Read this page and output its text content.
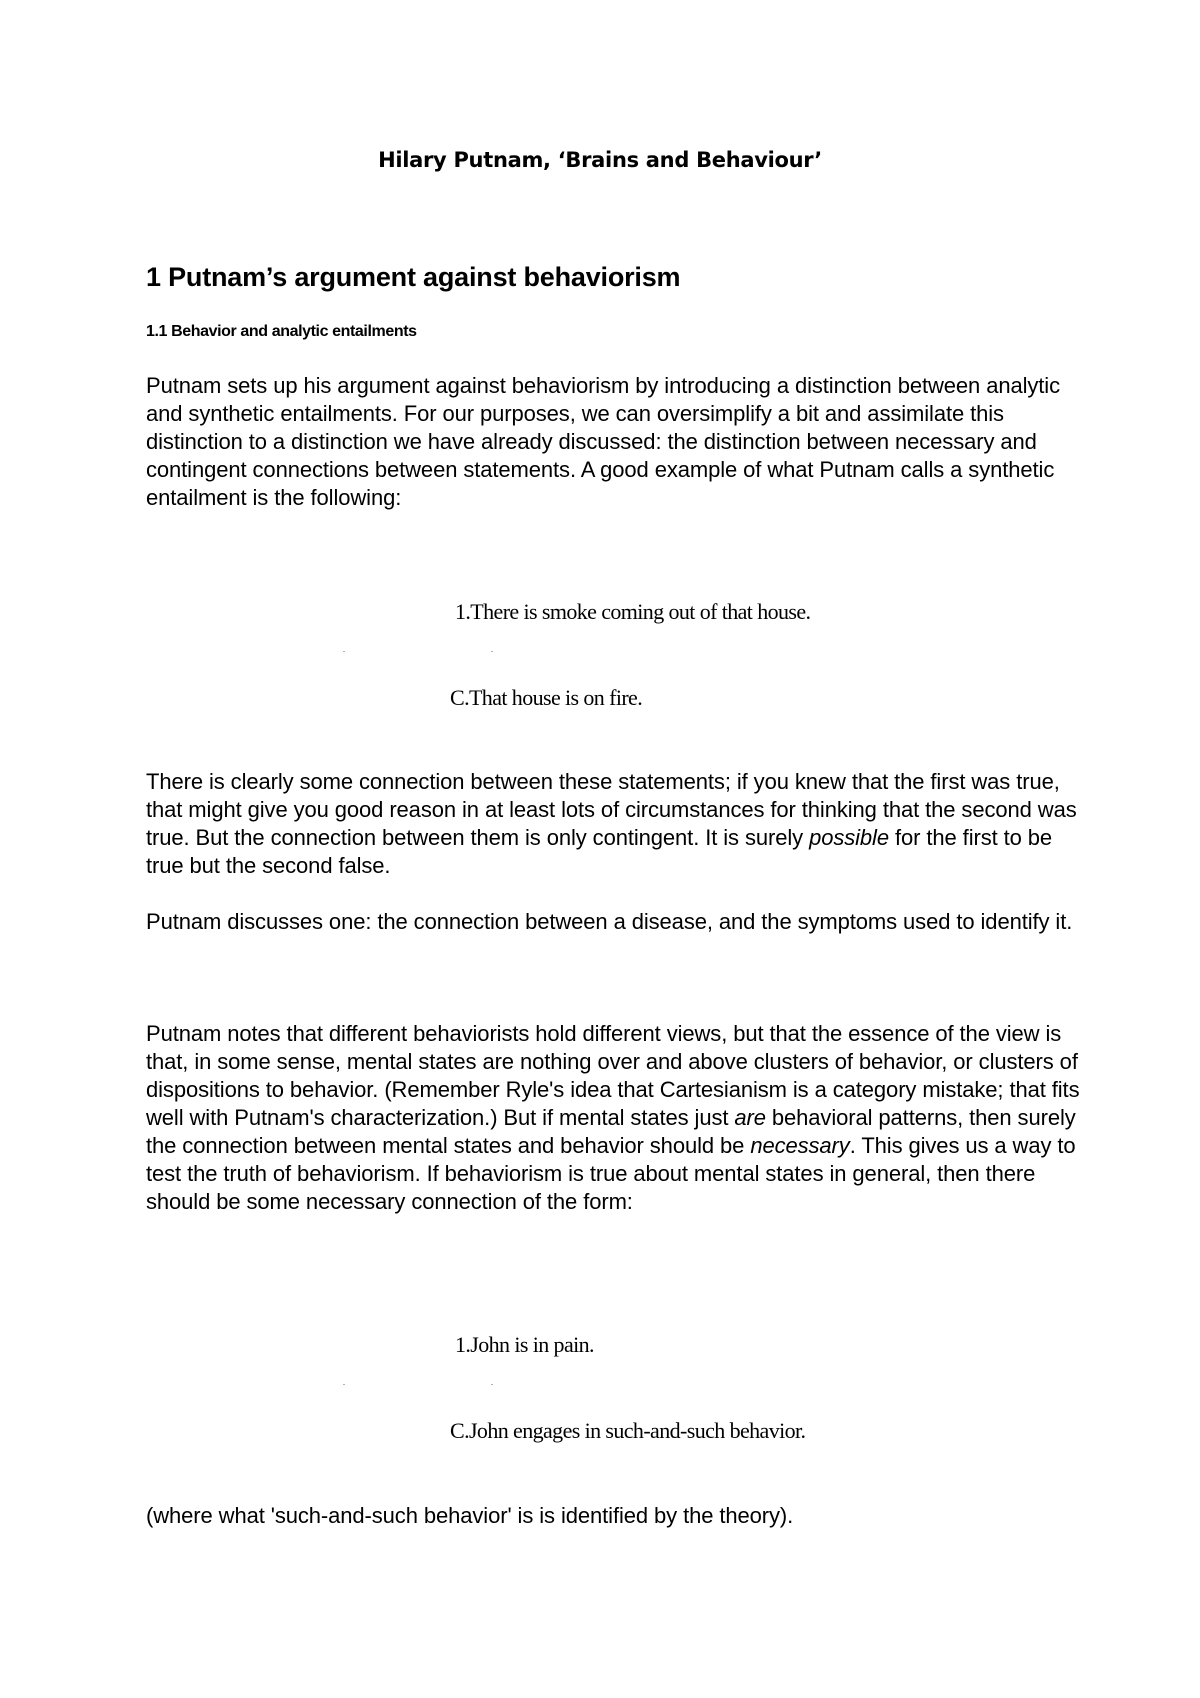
Hilary Putnam, ‘Brains and Behaviour’
1 Putnam’s argument against behaviorism
1.1 Behavior and analytic entailments

Putnam sets up his argument against behaviorism by introducing a distinction between analytic and synthetic entailments. For our purposes, we can oversimplify a bit and assimilate this distinction to a distinction we have already discussed: the distinction between necessary and contingent connections between statements. A good example of what Putnam calls a synthetic entailment is the following:

1.There is smoke coming out of that house.
C.That house is on fire.

There is clearly some connection between these statements; if you knew that the first was true, that might give you good reason in at least lots of circumstances for thinking that the second was true. But the connection between them is only contingent. It is surely possible for the first to be true but the second false.

Putnam discusses one: the connection between a disease, and the symptoms used to identify it.

Putnam notes that different behaviorists hold different views, but that the essence of the view is that, in some sense, mental states are nothing over and above clusters of behavior, or clusters of dispositions to behavior. (Remember Ryle's idea that Cartesianism is a category mistake; that fits well with Putnam's characterization.) But if mental states just are behavioral patterns, then surely the connection between mental states and behavior should be necessary. This gives us a way to test the truth of behaviorism. If behaviorism is true about mental states in general, then there should be some necessary connection of the form:

1.John is in pain.
C.John engages in such-and-such behavior.

(where what 'such-and-such behavior' is is identified by the theory).
